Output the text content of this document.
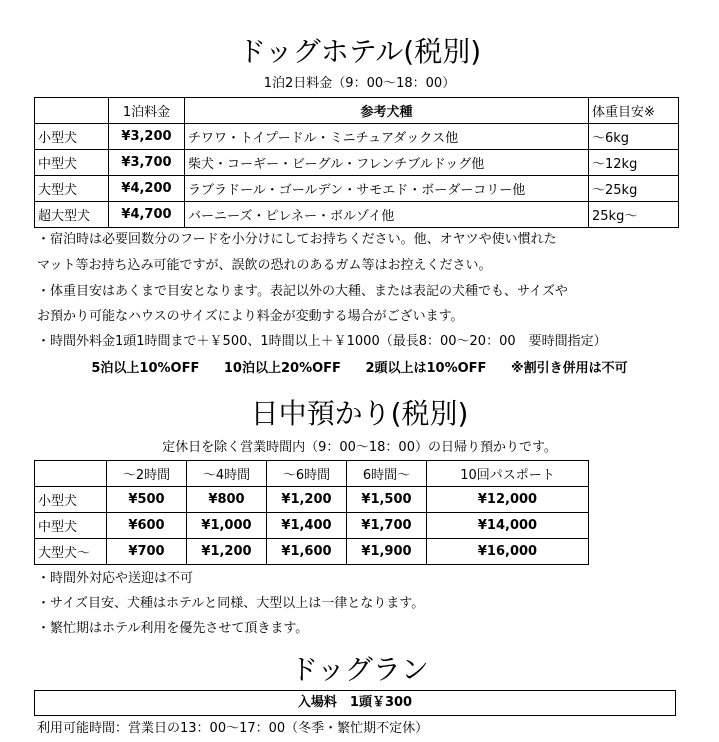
ドッグホテル(税別)
1泊2日料金（9：00〜18：00）
	1泊料金	参考犬種	体重目安※
小型犬	¥3,200	チワワ・トイプードル・ミニチュアダックス他	〜6kg
中型犬	¥3,700	柴犬・コーギー・ビーグル・フレンチブルドッグ他	〜12kg
大型犬	¥4,200	ラブラドール・ゴールデン・サモエド・ボーダーコリー他	〜25kg
超大型犬	¥4,700	バーニーズ・ピレネー・ボルゾイ他	25kg〜
・宿泊時は必要回数分のフードを小分けにしてお持ちください。他、オヤツや使い慣れた
マット等お持ち込み可能ですが、誤飲の恐れのあるガム等はお控えください。
・体重目安はあくまで目安となります。表記以外の大種、または表記の犬種でも、サイズや
お預かり可能なハウスのサイズにより料金が変動する場合がございます。
・時間外料金1頭1時間まで＋￥500、1時間以上＋￥1000（最長8：00〜20：00　要時間指定）
5泊以上10%OFF 10泊以上20%OFF 2頭以上は10%OFF ※割引き併用は不可
日中預かり(税別)
定休日を除く営業時間内（9：00〜18：00）の日帰り預かりです。
	〜2時間	〜4時間	〜6時間	6時間〜	10回パスポート
小型犬	¥500	¥800	¥1,200	¥1,500	¥12,000
中型犬	¥600	¥1,000	¥1,400	¥1,700	¥14,000
大型犬〜	¥700	¥1,200	¥1,600	¥1,900	¥16,000
・時間外対応や送迎は不可
・サイズ目安、犬種はホテルと同様、大型以上は一律となります。
・繁忙期はホテル利用を優先させて頂きます。
ドッグラン
入場料　1頭￥300
利用可能時間：営業日の13：00〜17：00（冬季・繁忙期不定休）
